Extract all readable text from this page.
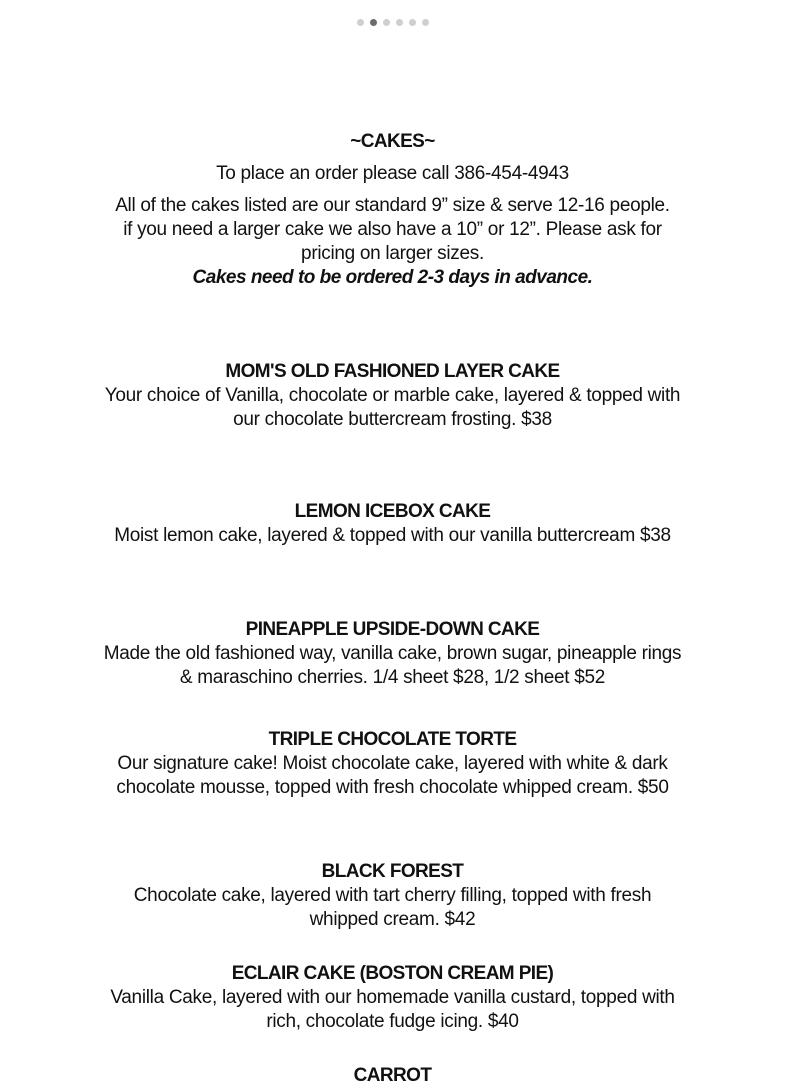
~CAKES~
To place an order please call 386-454-4943
All of the cakes listed are our standard 9” size & serve 12-16 people.
if you need a larger cake we also have a 10” or 12”. Please ask for
pricing on larger sizes.
Cakes need to be ordered 2-3 days in advance.
MOM'S OLD FASHIONED LAYER CAKE
Your choice of Vanilla, chocolate or marble cake, layered & topped with
our chocolate buttercream frosting. $38
LEMON ICEBOX CAKE
Moist lemon cake, layered & topped with our vanilla buttercream $38
PINEAPPLE UPSIDE-DOWN CAKE
Made the old fashioned way, vanilla cake, brown sugar, pineapple rings
& maraschino cherries. 1/4 sheet $28, 1/2 sheet $52
TRIPLE CHOCOLATE TORTE
Our signature cake! Moist chocolate cake, layered with white & dark
chocolate mousse, topped with fresh chocolate whipped cream. $50
BLACK FOREST
Chocolate cake, layered with tart cherry filling, topped with fresh
whipped cream. $42
ECLAIR CAKE (BOSTON CREAM PIE)
Vanilla Cake, layered with our homemade vanilla custard, topped with
rich, chocolate fudge icing. $40
CARROT
